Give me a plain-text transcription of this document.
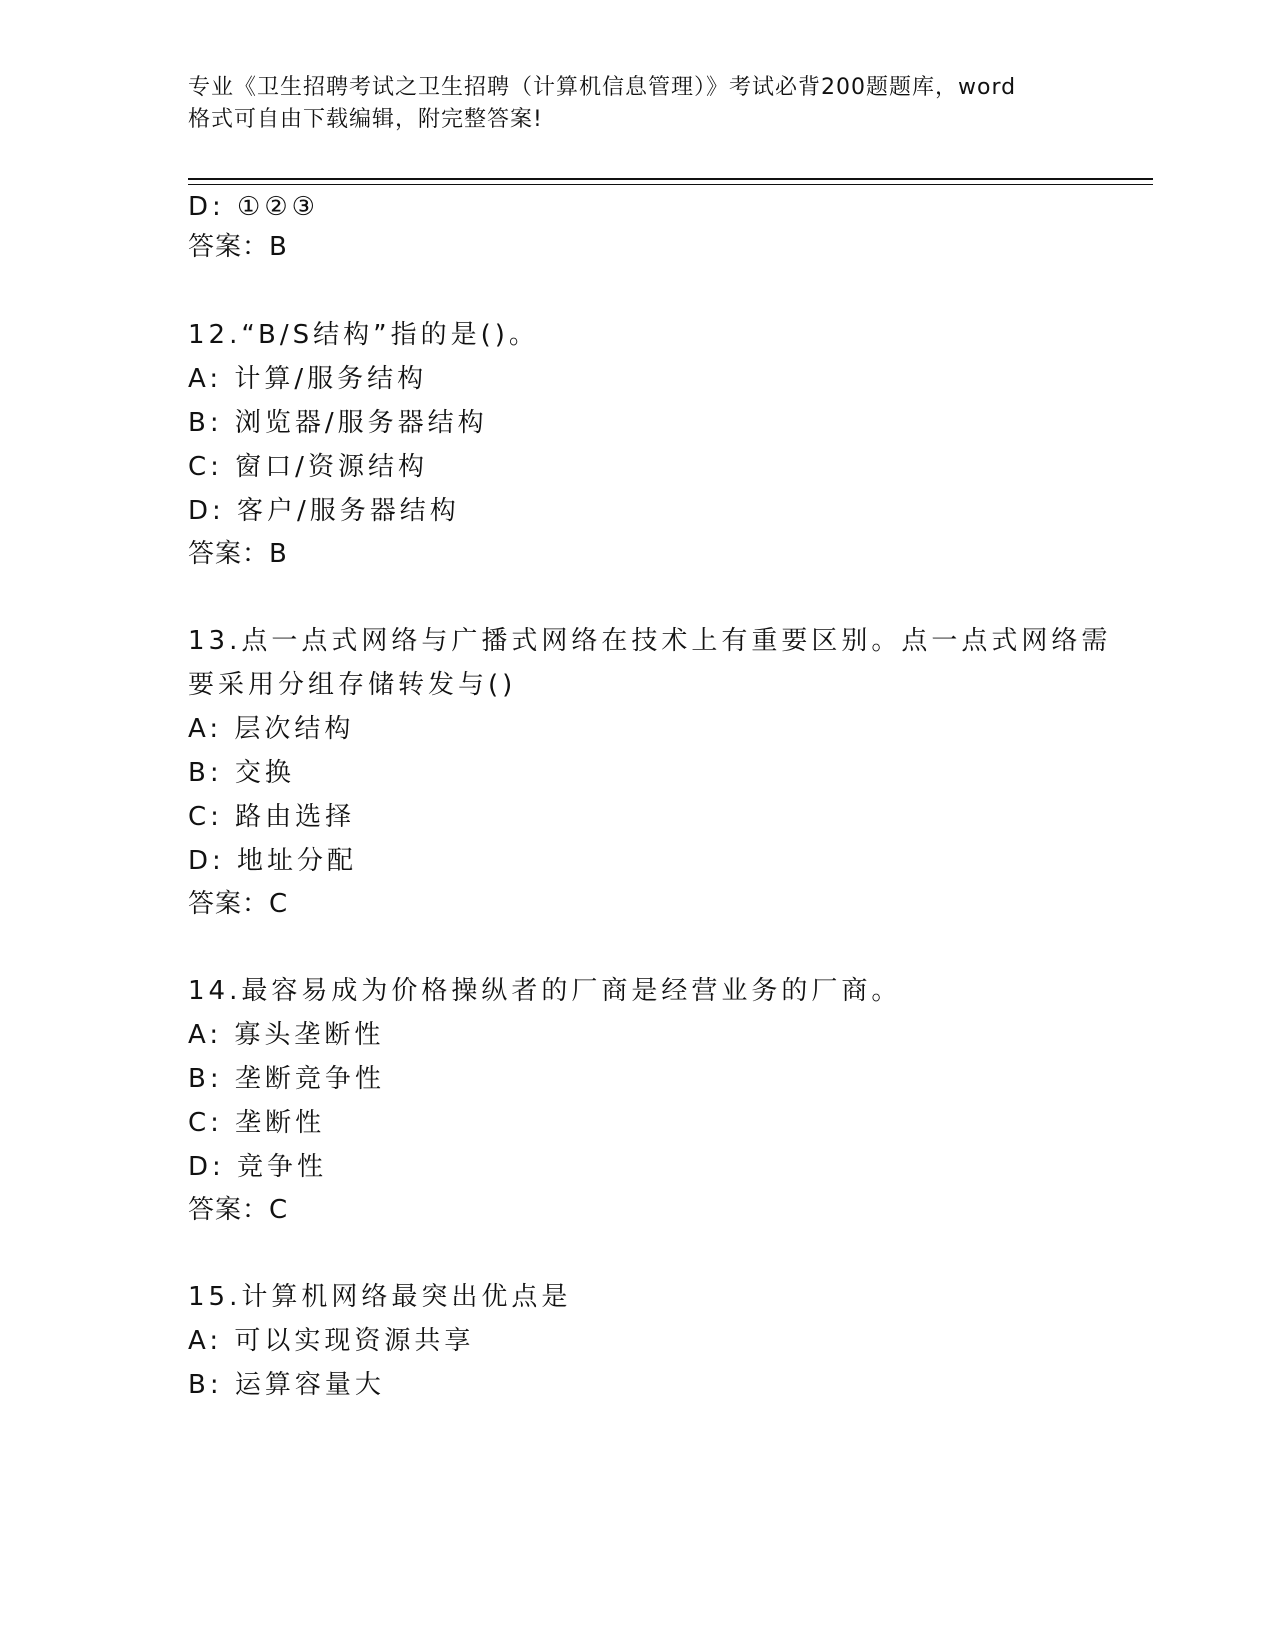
专业《卫生招聘考试之卫生招聘（计算机信息管理）》考试必背200题题库，word
格式可自由下载编辑，附完整答案!
D: ①②③
答案：B
12.“B/S结构”指的是()。
A: 计算/服务结构
B: 浏览器/服务器结构
C: 窗口/资源结构
D: 客户/服务器结构
答案：B
13.点一点式网络与广播式网络在技术上有重要区别。点一点式网络需
要采用分组存储转发与()
A: 层次结构
B: 交换
C: 路由选择
D: 地址分配
答案：C
14.最容易成为价格操纵者的厂商是经营业务的厂商。
A: 寡头垄断性
B: 垄断竞争性
C: 垄断性
D: 竞争性
答案：C
15.计算机网络最突出优点是
A: 可以实现资源共享
B: 运算容量大
